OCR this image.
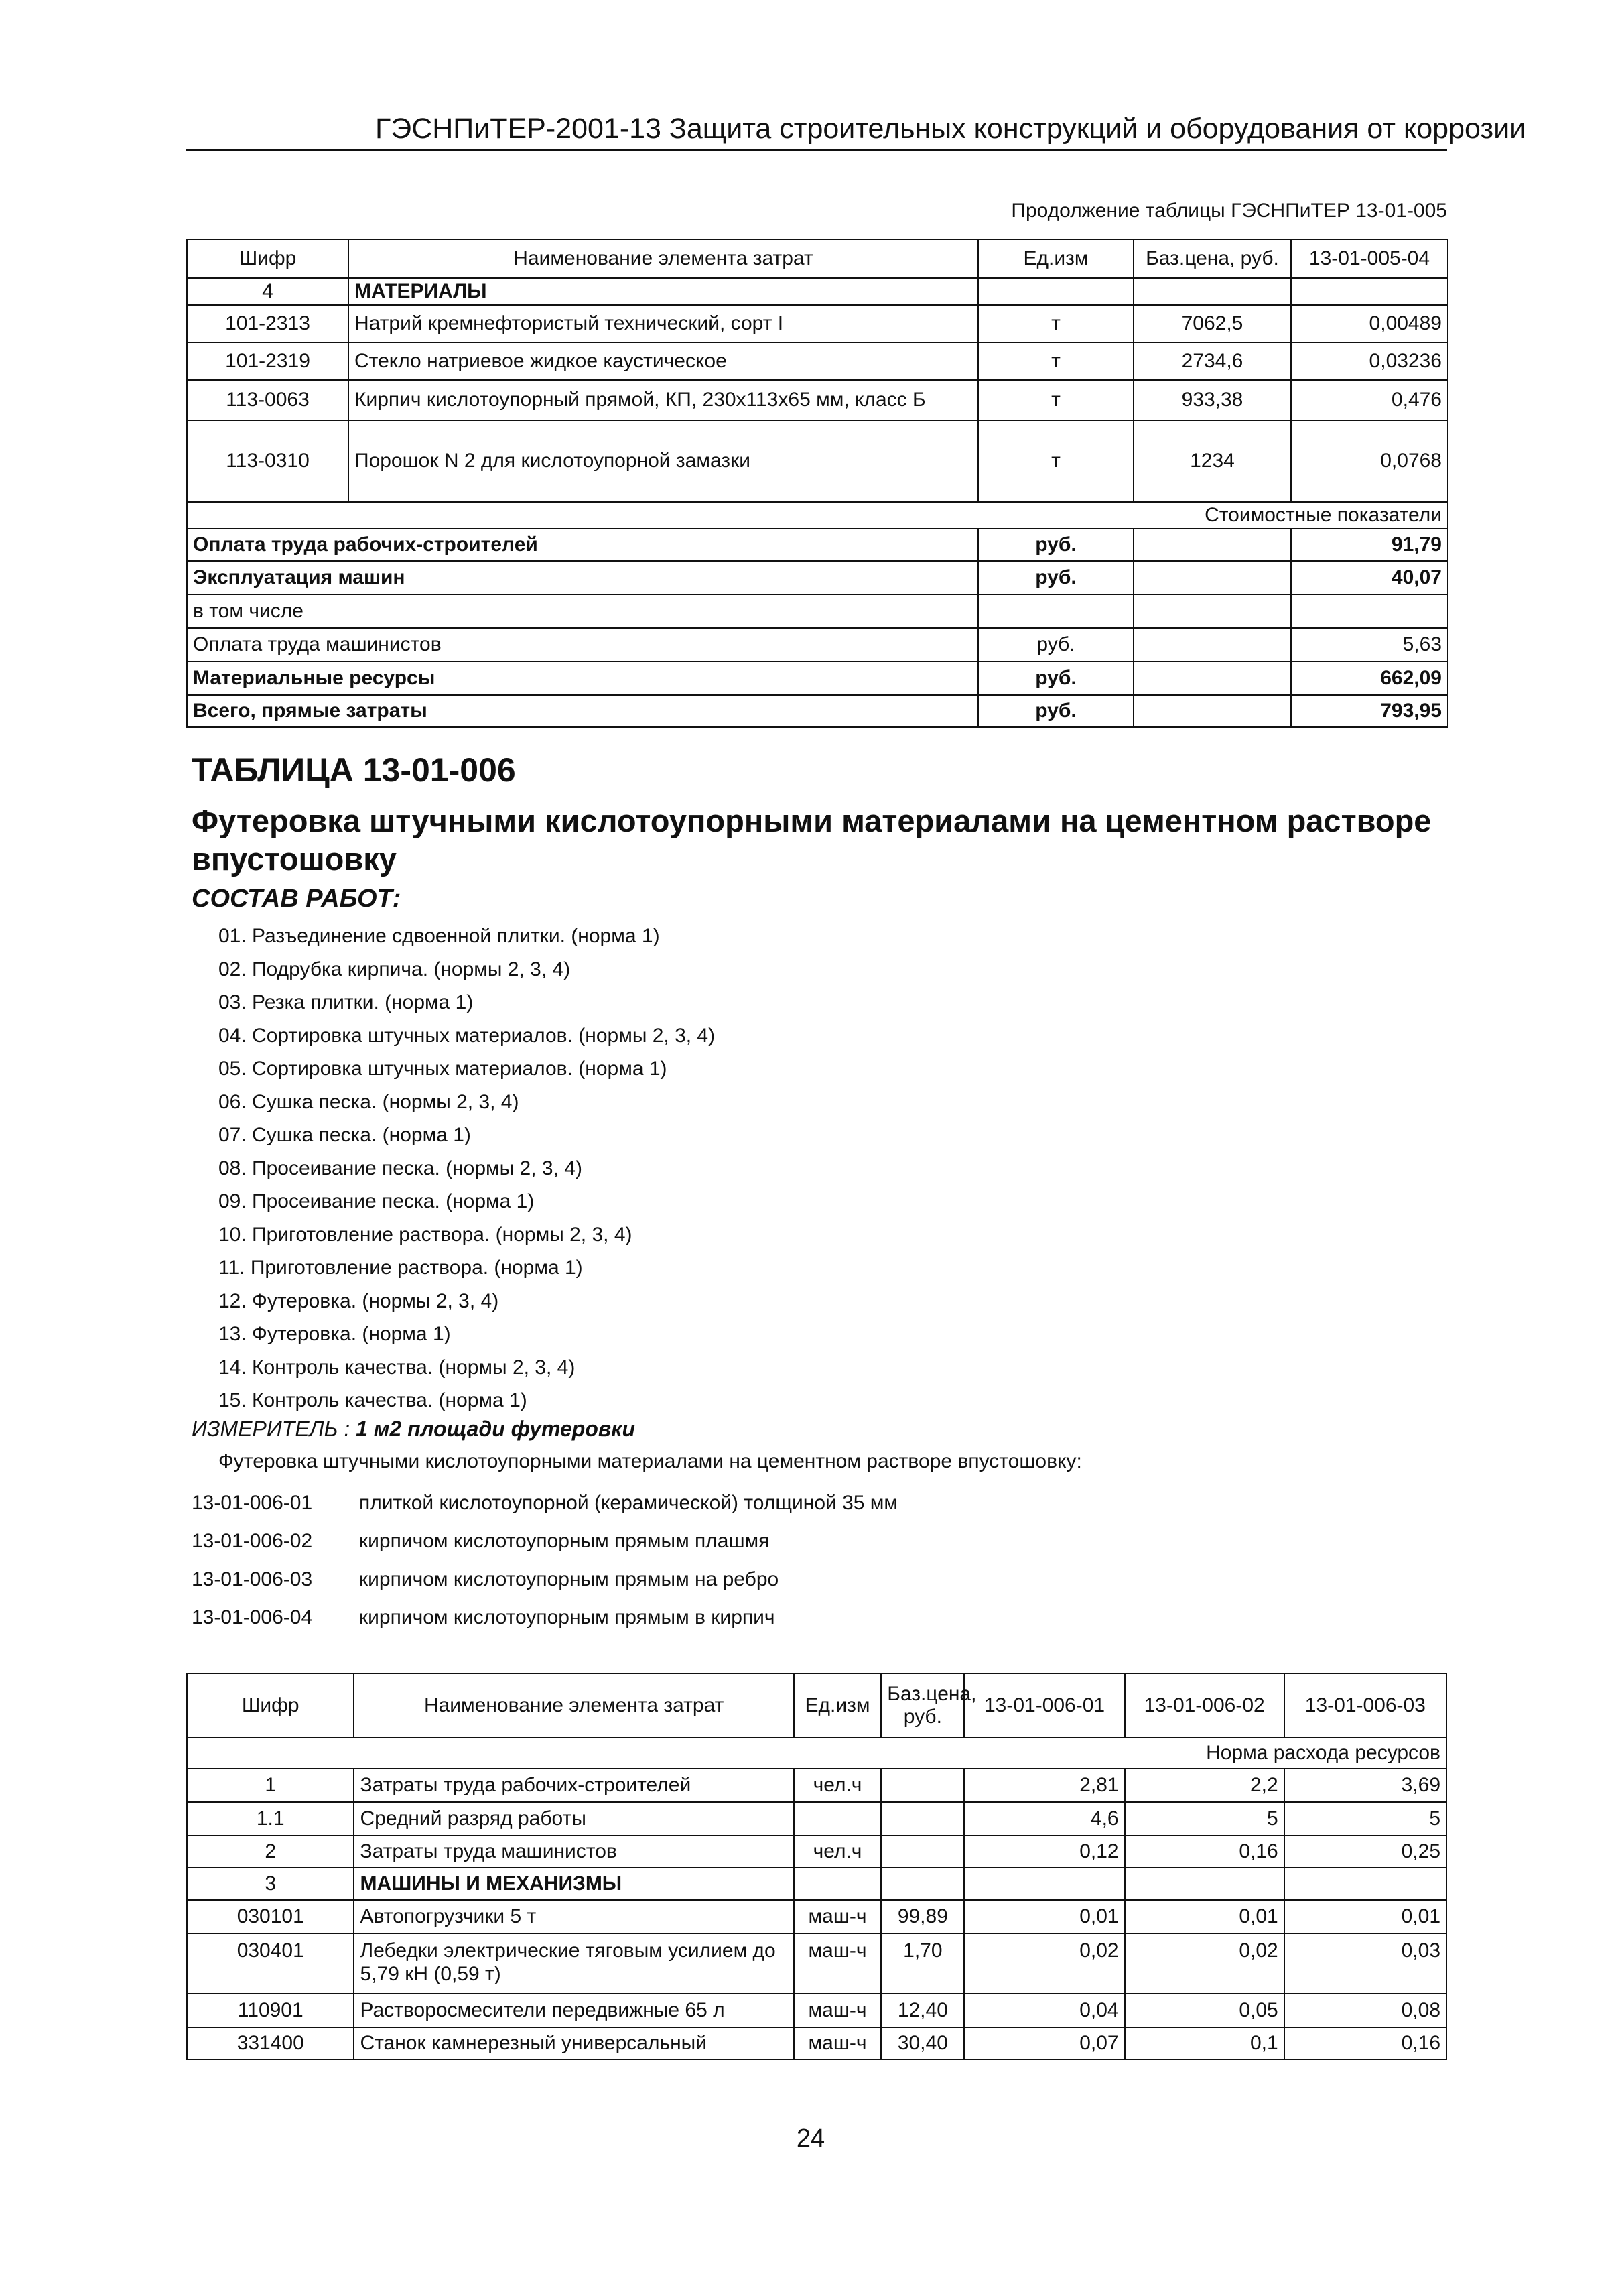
ГЭСНПиТЕР-2001-13 Защита строительных конструкций и оборудования от коррозии
Продолжение таблицы ГЭСНПиТЕР 13-01-005
Шифр	Наименование элемента затрат	Ед.изм	Баз.цена, руб.	13-01-005-04
4	МАТЕРИАЛЫ			
101-2313	Натрий кремнефтористый технический, сорт I	т	7062,5	0,00489
101-2319	Стекло натриевое жидкое каустическое	т	2734,6	0,03236
113-0063	Кирпич кислотоупорный прямой, КП, 230х113х65 мм, класс Б	т	933,38	0,476
113-0310	Порошок N 2 для кислотоупорной замазки	т	1234	0,0768
Стоимостные показатели				
Оплата труда рабочих-строителей		руб.		91,79
Эксплуатация машин		руб.		40,07
в том числе				
Оплата труда машинистов		руб.		5,63
Материальные ресурсы		руб.		662,09
Всего, прямые затраты		руб.		793,95
ТАБЛИЦА 13-01-006
Футеровка штучными кислотоупорными материалами на цементном растворе впустошовку
СОСТАВ РАБОТ:
01. Разъединение сдвоенной плитки. (норма 1)
02. Подрубка кирпича. (нормы 2, 3, 4)
03. Резка плитки. (норма 1)
04. Сортировка штучных материалов. (нормы 2, 3, 4)
05. Сортировка штучных материалов. (норма 1)
06. Сушка песка. (нормы 2, 3, 4)
07. Сушка песка. (норма 1)
08. Просеивание песка. (нормы 2, 3, 4)
09. Просеивание песка. (норма 1)
10. Приготовление раствора. (нормы 2, 3, 4)
11. Приготовление раствора. (норма 1)
12. Футеровка. (нормы 2, 3, 4)
13. Футеровка. (норма 1)
14. Контроль качества. (нормы 2, 3, 4)
15. Контроль качества. (норма 1)
ИЗМЕРИТЕЛЬ : 1 м2 площади футеровки
Футеровка штучными кислотоупорными материалами на цементном растворе впустошовку:
13-01-006-01	плиткой кислотоупорной (керамической) толщиной 35 мм
13-01-006-02	кирпичом кислотоупорным прямым плашмя
13-01-006-03	кирпичом кислотоупорным прямым на ребро
13-01-006-04	кирпичом кислотоупорным прямым в кирпич
Шифр	Наименование элемента затрат	Ед.изм	Баз.цена, руб.	13-01-006-01	13-01-006-02	13-01-006-03
Норма расхода ресурсов						
1	Затраты труда рабочих-строителей	чел.ч		2,81	2,2	3,69
1.1	Средний разряд работы			4,6	5	5
2	Затраты труда машинистов	чел.ч		0,12	0,16	0,25
3	МАШИНЫ И МЕХАНИЗМЫ					
030101	Автопогрузчики 5 т	маш-ч	99,89	0,01	0,01	0,01
030401	Лебедки электрические тяговым усилием до 5,79 кН (0,59 т)	маш-ч	1,70	0,02	0,02	0,03
110901	Растворосмесители передвижные 65 л	маш-ч	12,40	0,04	0,05	0,08
331400	Станок камнерезный универсальный	маш-ч	30,40	0,07	0,1	0,16
24
